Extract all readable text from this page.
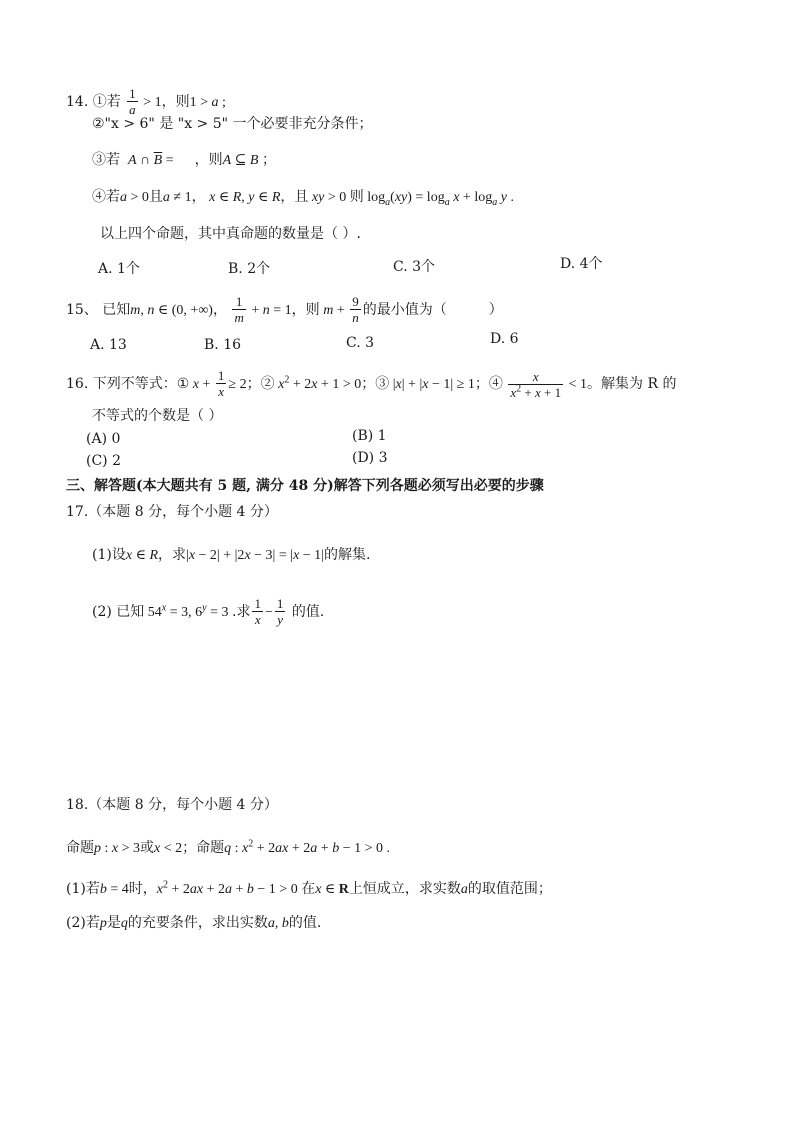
14. ①若 $\frac{1}{a} > 1$，则1 > a ;
②"x > 6" 是 "x > 5" 一个必要非充分条件；
③若 A ∩ $\overline{B}$ =      ，则A ⊆ B ；
④若a > 0且a ≠ 1， x ∈ R, y ∈ R，且 xy > 0 则 $\log_a(xy) = \log_a x + \log_a y$ .
以上四个命题，其中真命题的数量是（ ）.
A. 1个	B. 2个	C. 3个	D. 4个
15、 已知m, n ∈ (0, +∞)， $\frac{1}{m} + n = 1$，则 $m + \frac{9}{n}$ 的最小值为（　　　）
A. 13	B. 16	C. 3	D. 6
16. 下列不等式：① $x + \frac{1}{x} \ge 2$；② $x^2 + 2x + 1 > 0$；③ |x| + |x − 1| ≥ 1；④ $\frac{x}{x^2 + x + 1} < 1$。解集为 R 的
不等式的个数是（ ）
(A) 0	(B) 1
(C) 2	(D) 3
三、解答题(本大题共有 5 题, 满分 48 分)解答下列各题必须写出必要的步骤
17.（本题 8 分，每个小题 4 分）
(1)设x ∈ R，求|x − 2| + |2x − 3| = |x − 1|的解集.
(2) 已知 $54^x = 3$, $6^y = 3$ .求 $\frac{1}{x} - \frac{1}{y}$ 的值.
18.（本题 8 分，每个小题 4 分）
命题p : x > 3或x < 2；命题q : $x^2 + 2ax + 2a + b - 1 > 0$ .
(1)若b = 4时，$x^2 + 2ax + 2a + b - 1 > 0$ 在x ∈ R上恒成立，求实数a的取值范围；
(2)若p是q的充要条件，求出实数a, b的值.
